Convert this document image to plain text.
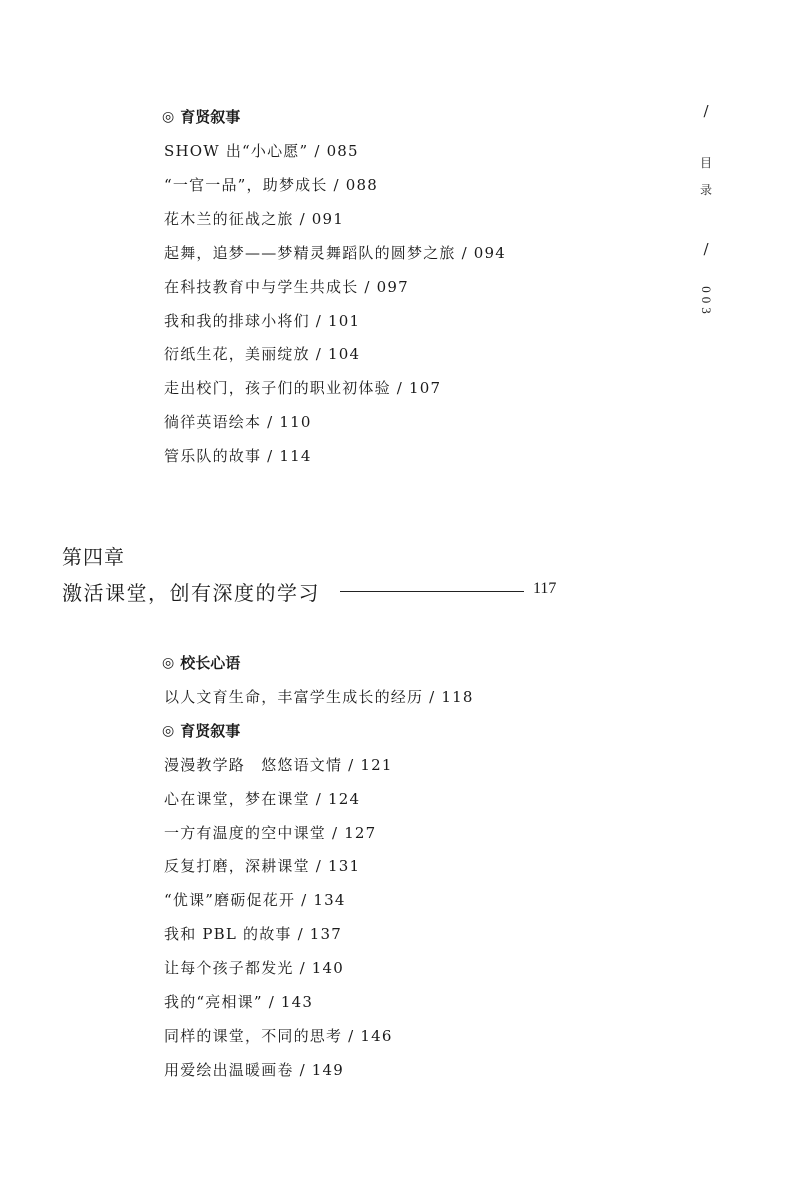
/
目
录
/
003
◎ 育贤叙事
SHOW 出“小心愿” / 085
“一官一品”，助梦成长 / 088
花木兰的征战之旅 / 091
起舞，追梦——梦精灵舞蹈队的圆梦之旅 / 094
在科技教育中与学生共成长 / 097
我和我的排球小将们 / 101
衍纸生花，美丽绽放 / 104
走出校门，孩子们的职业初体验 / 107
徜徉英语绘本 / 110
管乐队的故事 / 114
第四章
激活课堂，创有深度的学习	117
◎ 校长心语
以人文育生命，丰富学生成长的经历 / 118
◎ 育贤叙事
漫漫教学路　悠悠语文情 / 121
心在课堂，梦在课堂 / 124
一方有温度的空中课堂 / 127
反复打磨，深耕课堂 / 131
“优课”磨砺促花开 / 134
我和 PBL 的故事 / 137
让每个孩子都发光 / 140
我的“亮相课” / 143
同样的课堂，不同的思考 / 146
用爱绘出温暖画卷 / 149
